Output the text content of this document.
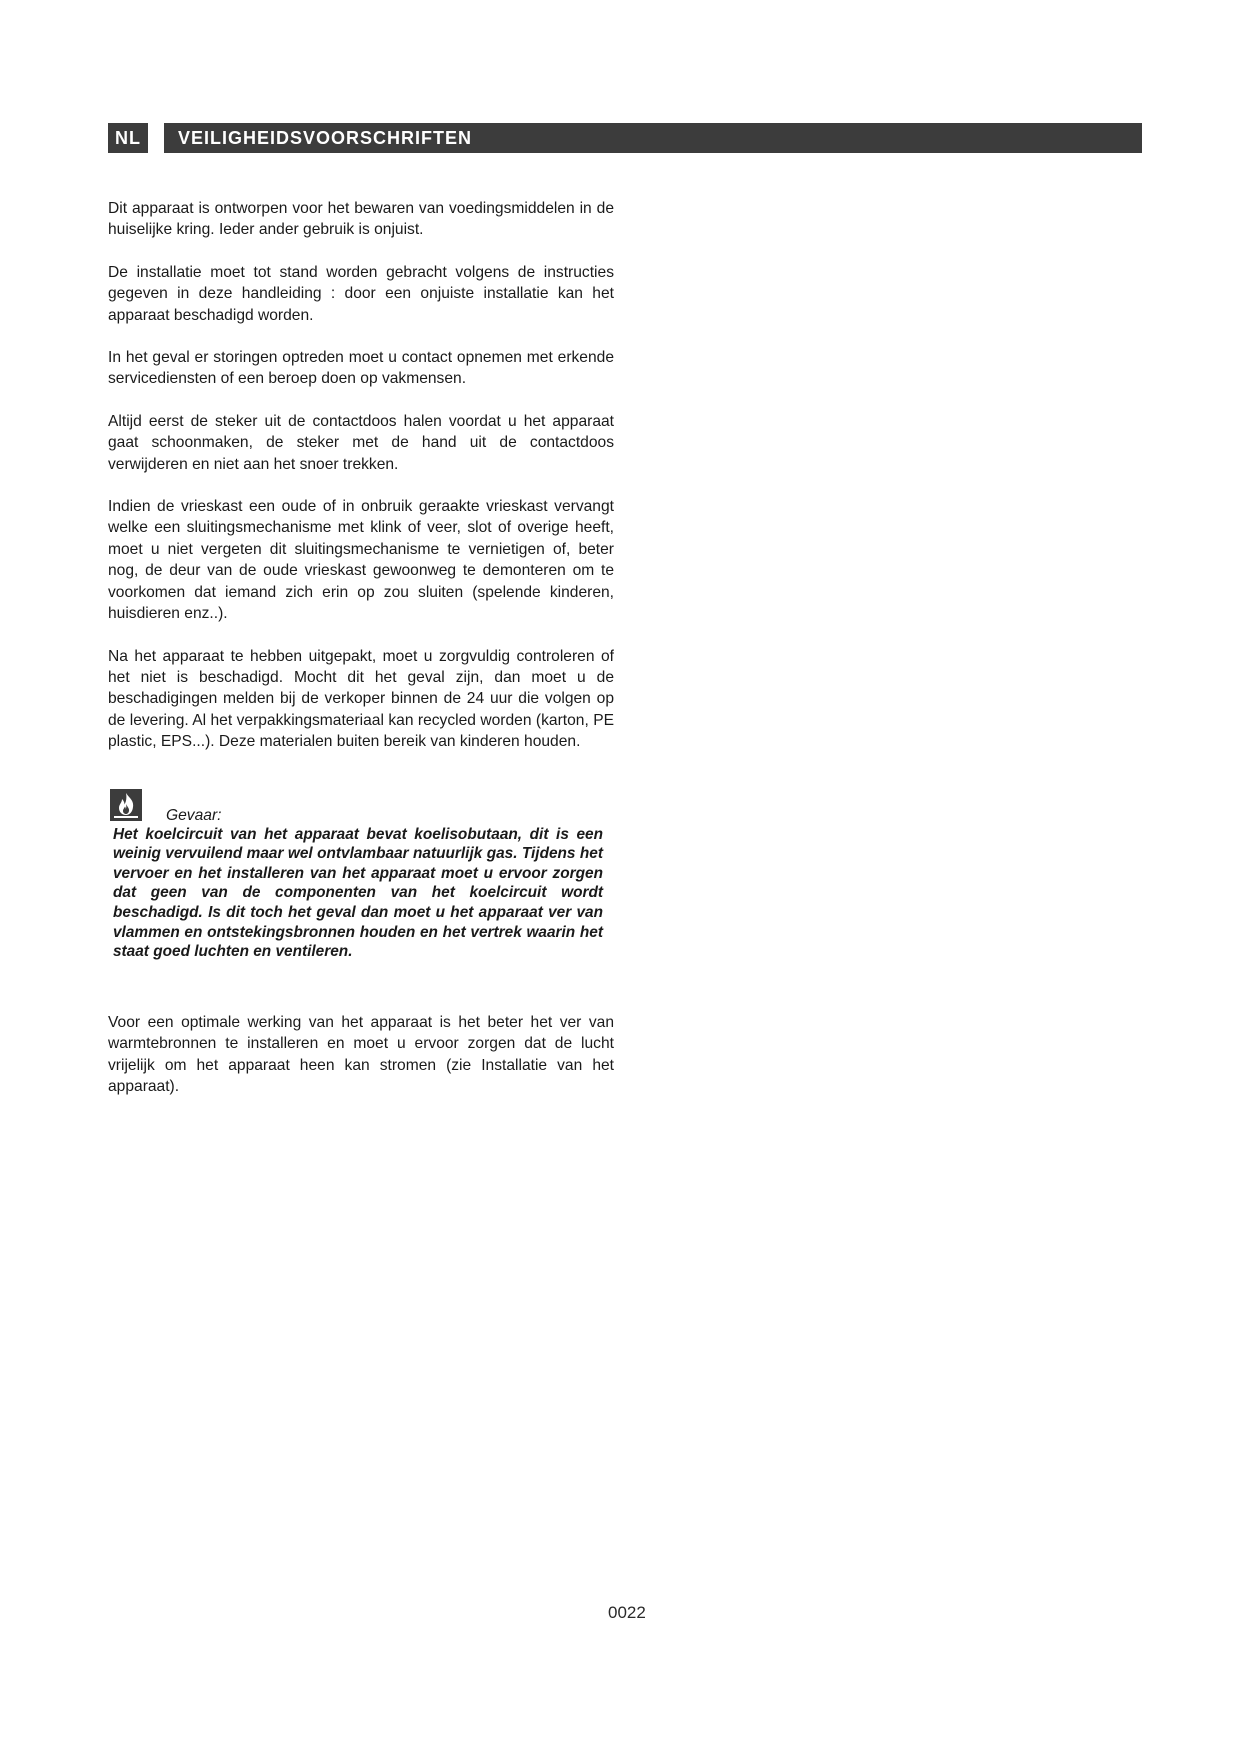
NL	VEILIGHEIDSVOORSCHRIFTEN

Dit apparaat is ontworpen voor het bewaren van voedingsmiddelen in de huiselijke kring. Ieder ander gebruik is onjuist.

De installatie moet tot stand worden gebracht volgens de instructies gegeven in deze handleiding : door een onjuiste installatie kan het apparaat beschadigd worden.

In het geval er storingen optreden moet u contact opnemen met erkende servicediensten of een beroep doen op vakmensen.

Altijd eerst de steker uit de contactdoos halen voordat u het apparaat gaat schoonmaken, de steker met de hand uit de contactdoos verwijderen en niet aan het snoer trekken.

Indien de vrieskast een oude of in onbruik geraakte vrieskast vervangt welke een sluitingsmechanisme met klink of veer, slot of overige heeft, moet u niet vergeten dit sluitingsmechanisme te vernietigen of, beter nog, de deur van de oude vrieskast gewoonweg te demonteren om te voorkomen dat iemand zich erin op zou sluiten (spelende kinderen, huisdieren enz..).

Na het apparaat te hebben uitgepakt, moet u zorgvuldig controleren of het niet is beschadigd. Mocht dit het geval zijn, dan moet u de beschadigingen melden bij de verkoper binnen de 24 uur die volgen op de levering. Al het verpakkingsmateriaal kan recycled worden (karton, PE plastic, EPS...). Deze materialen buiten bereik van kinderen houden.

Gevaar:

Het koelcircuit van het apparaat bevat koelisobutaan, dit is een weinig vervuilend maar wel ontvlambaar natuurlijk gas. Tijdens het vervoer en het installeren van het apparaat moet u ervoor zorgen dat geen van de componenten van het koelcircuit wordt beschadigd. Is dit toch het geval dan moet u het apparaat ver van vlammen en ontstekingsbronnen houden en het vertrek waarin het staat goed luchten en ventileren.

Voor een optimale werking van het apparaat is het beter het ver van warmtebronnen te installeren en moet u ervoor zorgen dat de lucht vrijelijk om het apparaat heen kan stromen (zie Installatie van het apparaat).

0022
